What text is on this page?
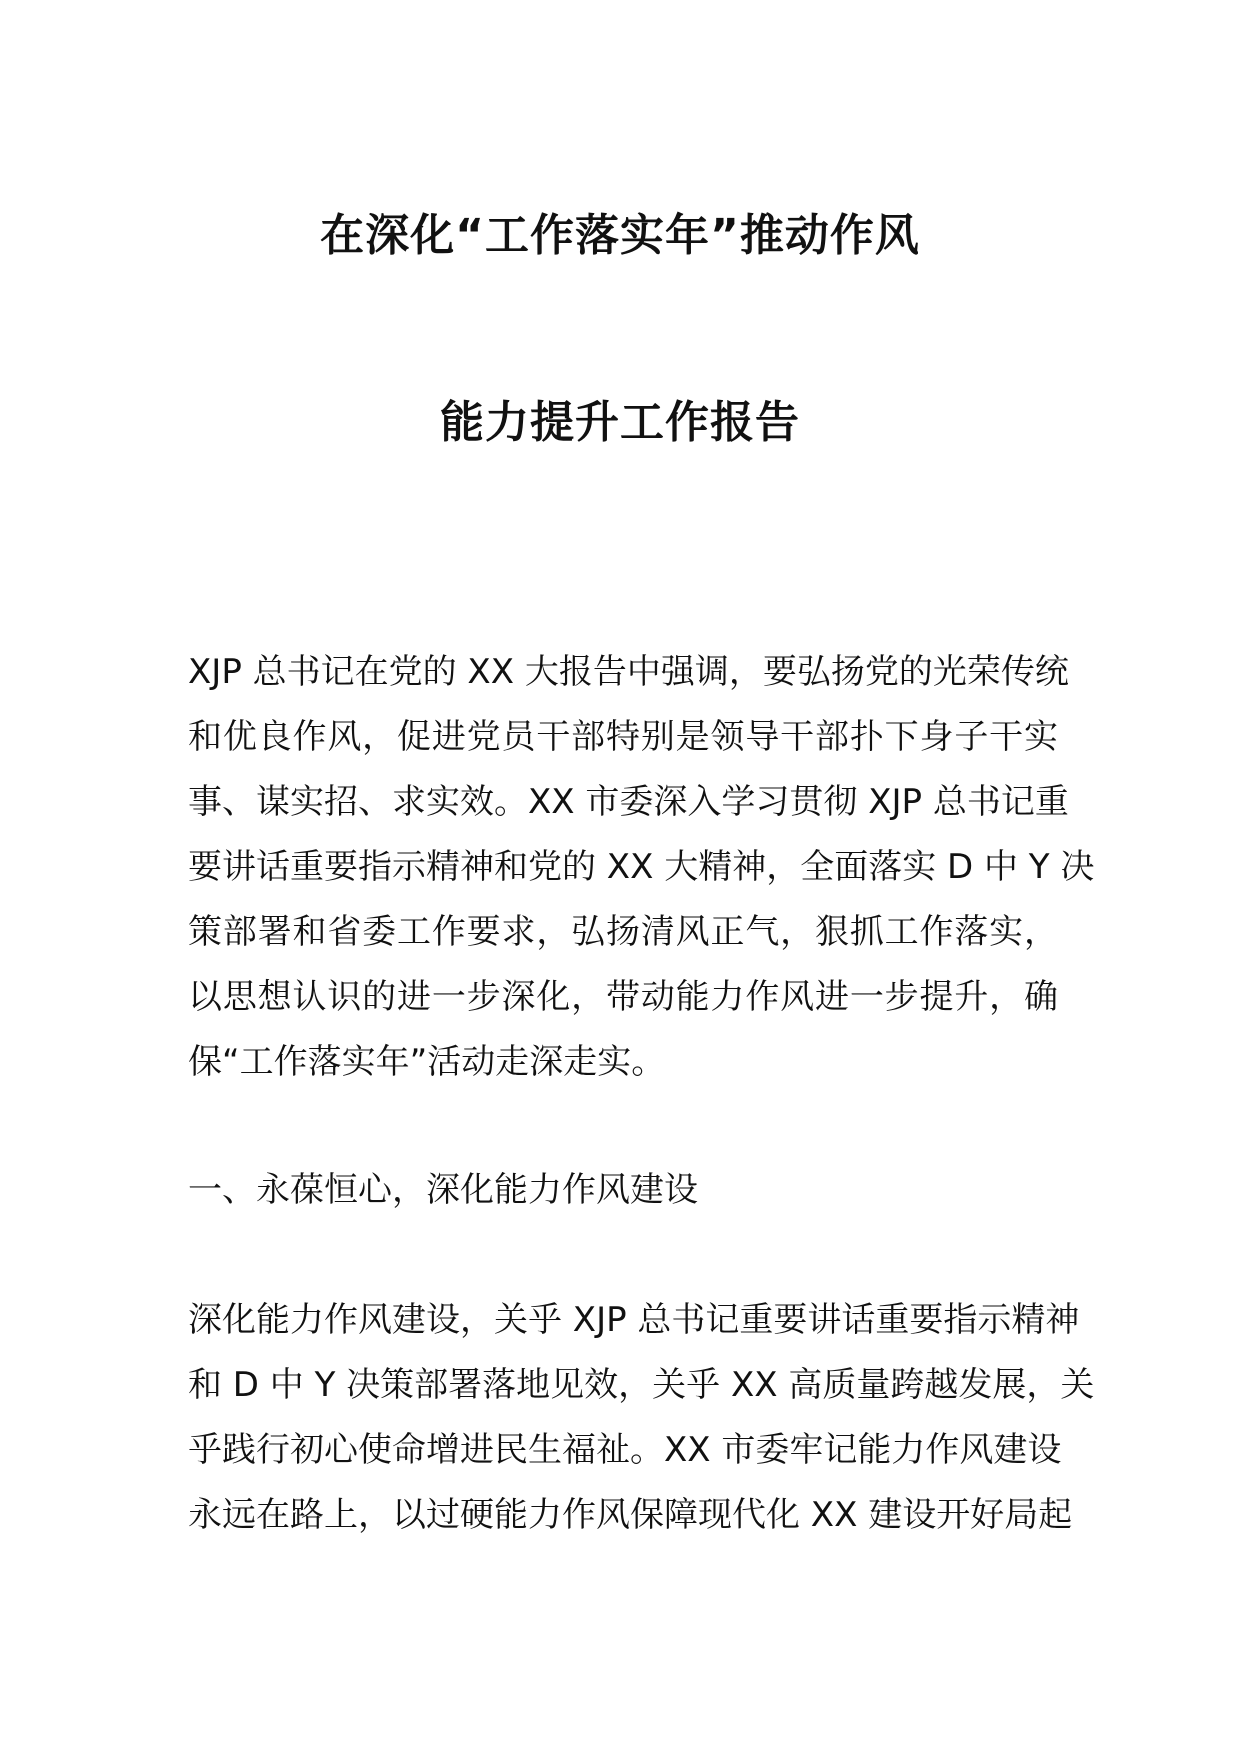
在深化“工作落实年”推动作风
能力提升工作报告
XJP 总书记在党的 XX 大报告中强调，要弘扬党的光荣传统
和优良作风，促进党员干部特别是领导干部扑下身子干实
事、谋实招、求实效。XX 市委深入学习贯彻 XJP 总书记重
要讲话重要指示精神和党的 XX 大精神，全面落实 D 中 Y 决
策部署和省委工作要求，弘扬清风正气，狠抓工作落实，
以思想认识的进一步深化，带动能力作风进一步提升，确
保“工作落实年”活动走深走实。
一、永葆恒心，深化能力作风建设
深化能力作风建设，关乎 XJP 总书记重要讲话重要指示精神
和 D 中 Y 决策部署落地见效，关乎 XX 高质量跨越发展，关
乎践行初心使命增进民生福祉。XX 市委牢记能力作风建设
永远在路上，以过硬能力作风保障现代化 XX 建设开好局起
